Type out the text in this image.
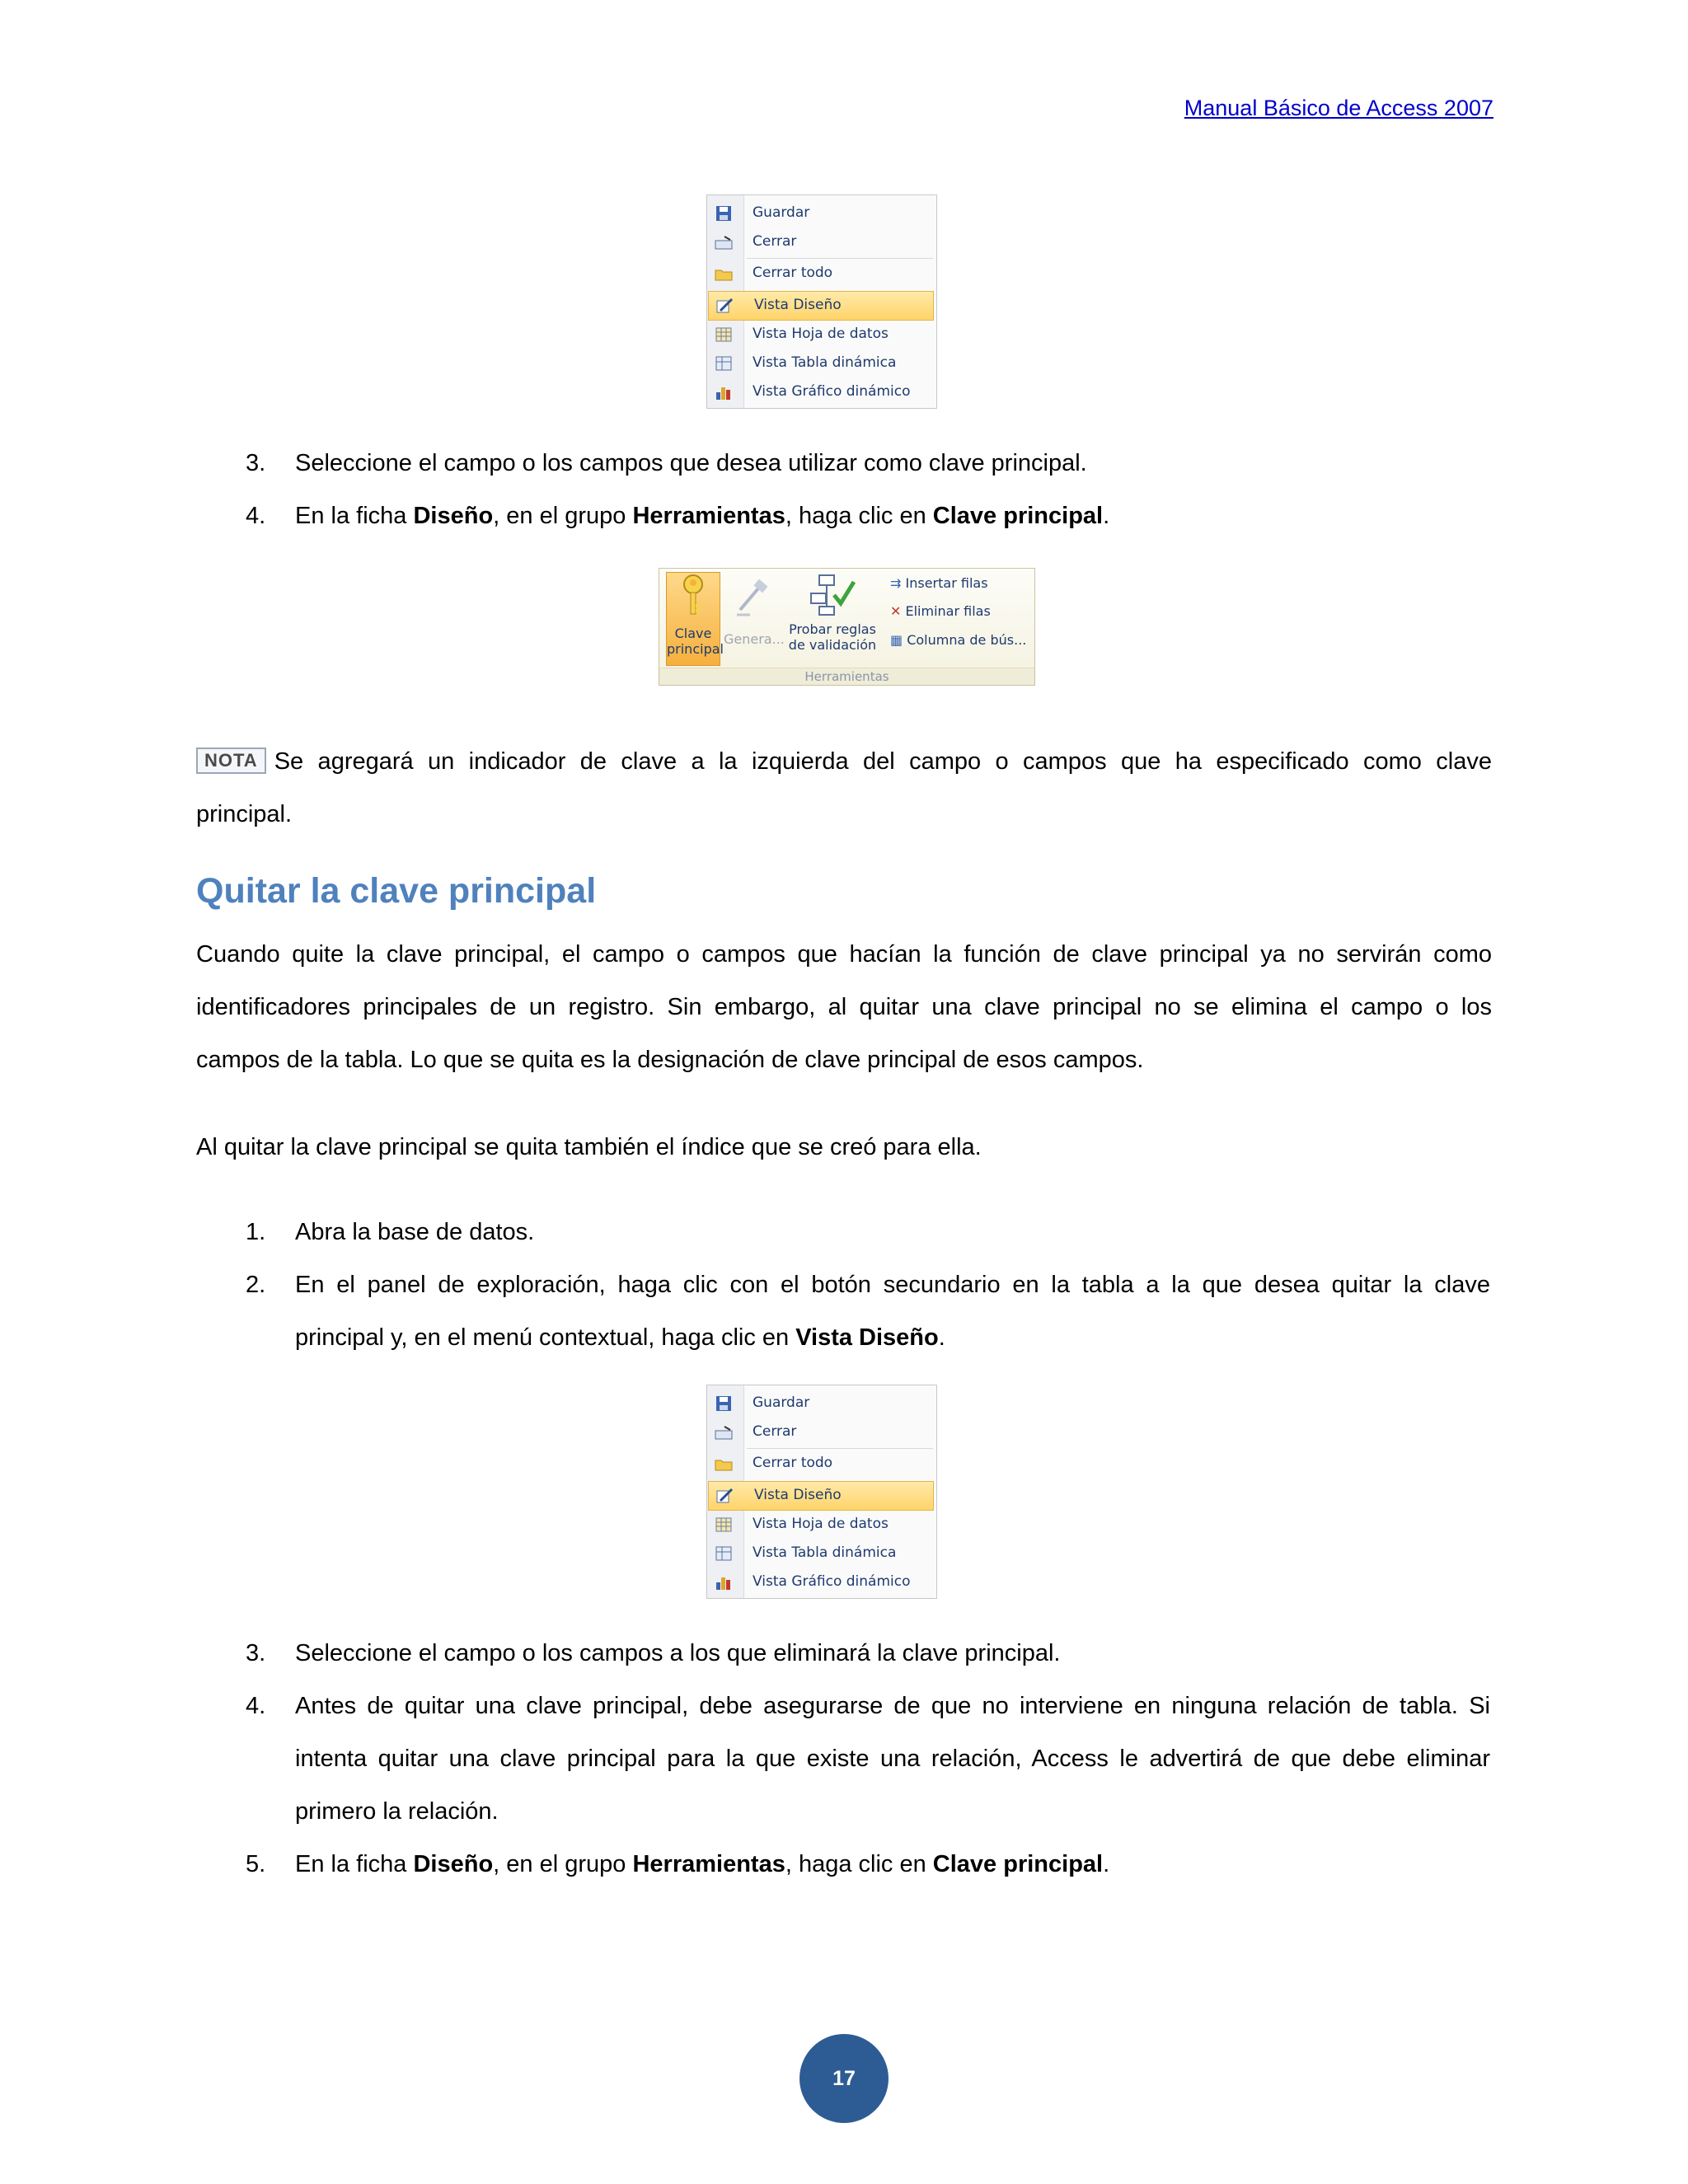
Manual Básico de Access 2007
Guardar
Cerrar
Cerrar todo
Vista Diseño
Vista Hoja de datos
Vista Tabla dinámica
Vista Gráfico dinámico
3.	Seleccione el campo o los campos que desea utilizar como clave principal.
4.	En la ficha Diseño, en el grupo Herramientas, haga clic en Clave principal.
Clave
principal
Genera...
Probar reglas
de validación
⇉ Insertar filas
✕ Eliminar filas
▦ Columna de bús...
Herramientas
NOTA Se agregará un indicador de clave a la izquierda del campo o campos que ha especificado como clave
principal.
Quitar la clave principal
Cuando quite la clave principal, el campo o campos que hacían la función de clave principal ya no servirán como
identificadores principales de un registro. Sin embargo, al quitar una clave principal no se elimina el campo o los
campos de la tabla. Lo que se quita es la designación de clave principal de esos campos.
Al quitar la clave principal se quita también el índice que se creó para ella.
1.	Abra la base de datos.
2.	En el panel de exploración, haga clic con el botón secundario en la tabla a la que desea quitar la clave
principal y, en el menú contextual, haga clic en Vista Diseño.
Guardar
Cerrar
Cerrar todo
Vista Diseño
Vista Hoja de datos
Vista Tabla dinámica
Vista Gráfico dinámico
3.	Seleccione el campo o los campos a los que eliminará la clave principal.
4.	Antes de quitar una clave principal, debe asegurarse de que no interviene en ninguna relación de tabla. Si
intenta quitar una clave principal para la que existe una relación, Access le advertirá de que debe eliminar
primero la relación.
5.	En la ficha Diseño, en el grupo Herramientas, haga clic en Clave principal.
17
